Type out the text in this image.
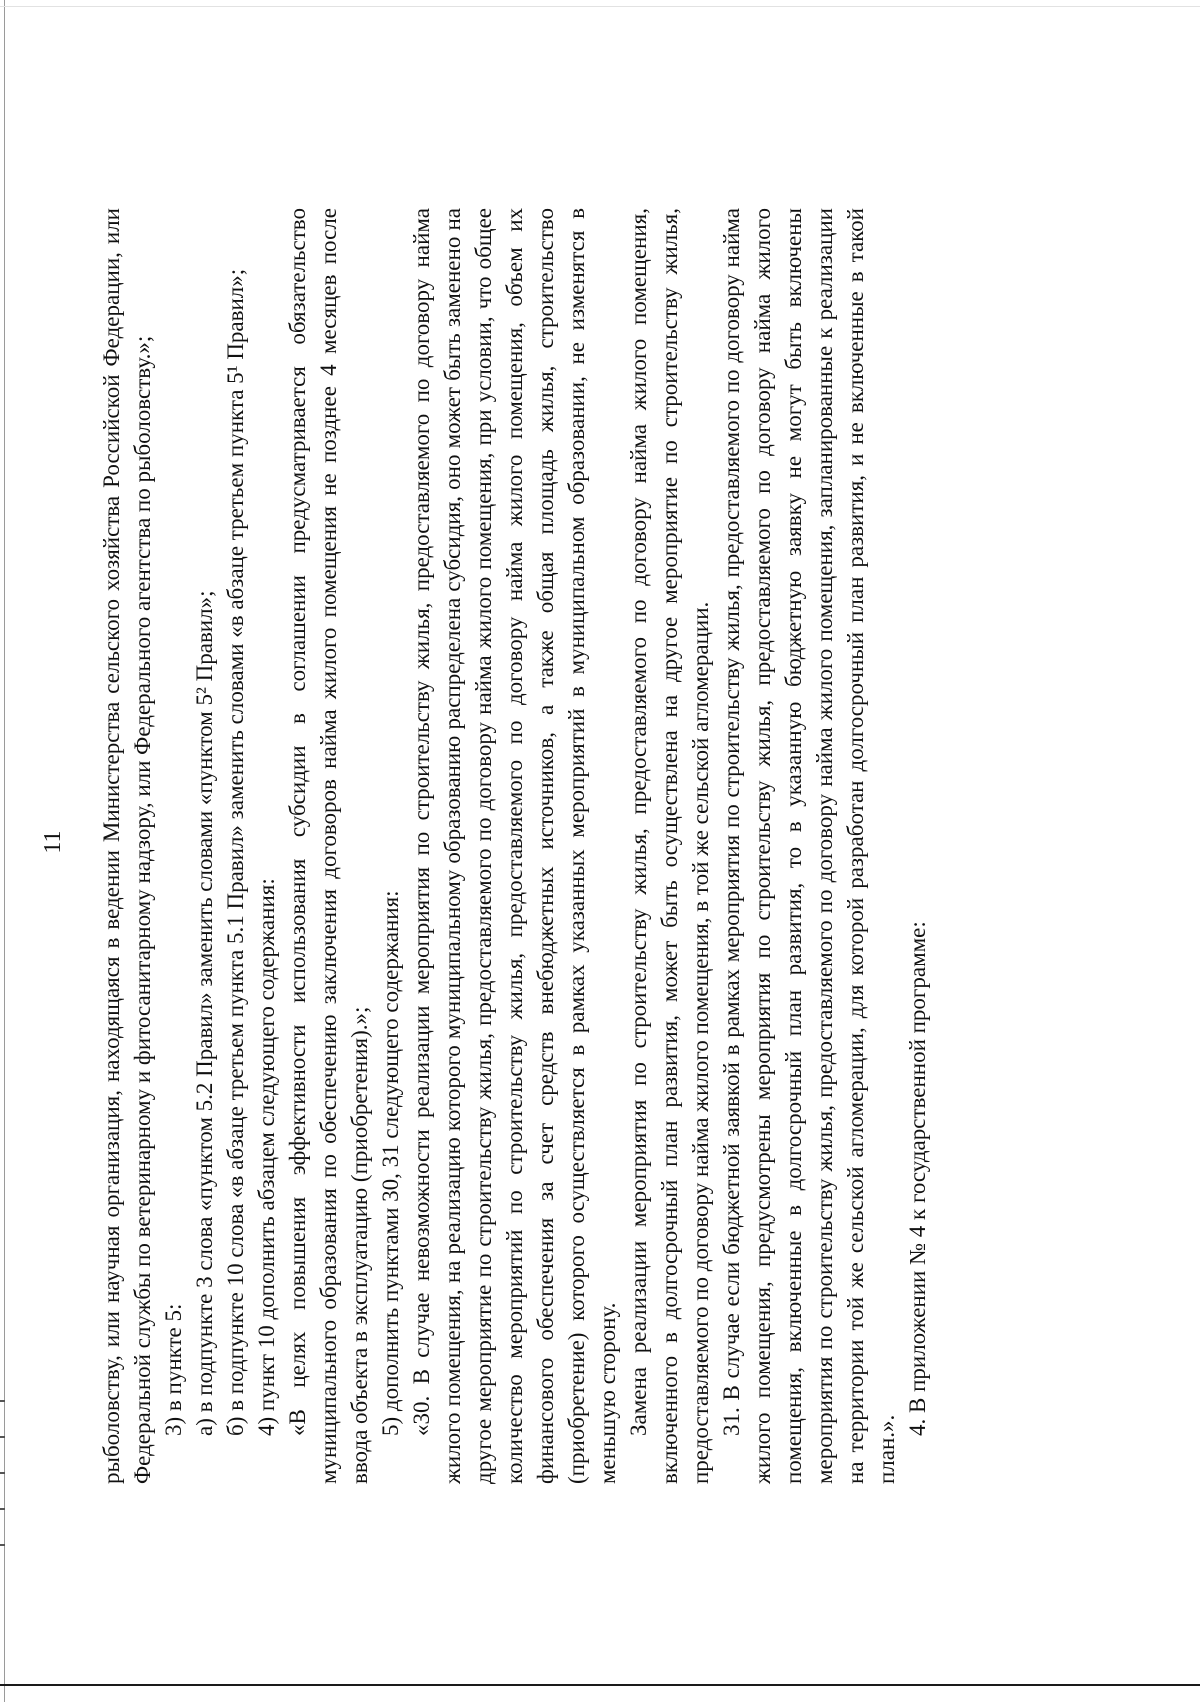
11 рыболовству, или научная организация, находящаяся в ведении Министерства сельского хозяйства Российской Федерации, или Федеральной службы по ветеринарному и фитосанитарному надзору, или Федерального агентства по рыболовству.»; 3) в пункте 5: а) в подпункте 3 слова «пунктом 5.2 Правил» заменить словами «пунктом 5² Правил»; б) в подпункте 10 слова «в абзаце третьем пункта 5.1 Правил» заменить словами «в абзаце третьем пункта 5¹ Правил»; 4) пункт 10 дополнить абзацем следующего содержания: «В целях повышения эффективности использования субсидии в соглашении предусматривается обязательство муниципального образования по обеспечению заключения договоров найма жилого помещения не позднее 4 месяцев после ввода объекта в эксплуатацию (приобретения).»; 5) дополнить пунктами 30, 31 следующего содержания: «30. В случае невозможности реализации мероприятия по строительству жилья, предоставляемого по договору найма жилого помещения, на реализацию которого муниципальному образованию распределена субсидия, оно может быть заменено на другое мероприятие по строительству жилья, предоставляемого по договору найма жилого помещения, при условии, что общее количество мероприятий по строительству жилья, предоставляемого по договору найма жилого помещения, объем их финансового обеспечения за счет средств внебюджетных источников, а также общая площадь жилья, строительство (приобретение) которого осуществляется в рамках указанных мероприятий в муниципальном образовании, не изменятся в меньшую сторону. Замена реализации мероприятия по строительству жилья, предоставляемого по договору найма жилого помещения, включенного в долгосрочный план развития, может быть осуществлена на другое мероприятие по строительству жилья, предоставляемого по договору найма жилого помещения, в той же сельской агломерации. 31. В случае если бюджетной заявкой в рамках мероприятия по строительству жилья, предоставляемого по договору найма жилого помещения, предусмотрены мероприятия по строительству жилья, предоставляемого по договору найма жилого помещения, включенные в долгосрочный план развития, то в указанную бюджетную заявку не могут быть включены мероприятия по строительству жилья, предоставляемого по договору найма жилого помещения, запланированные к реализации на территории той же сельской агломерации, для которой разработан долгосрочный план развития, и не включенные в такой план.».

4. В приложении № 4 к государственной программе:
